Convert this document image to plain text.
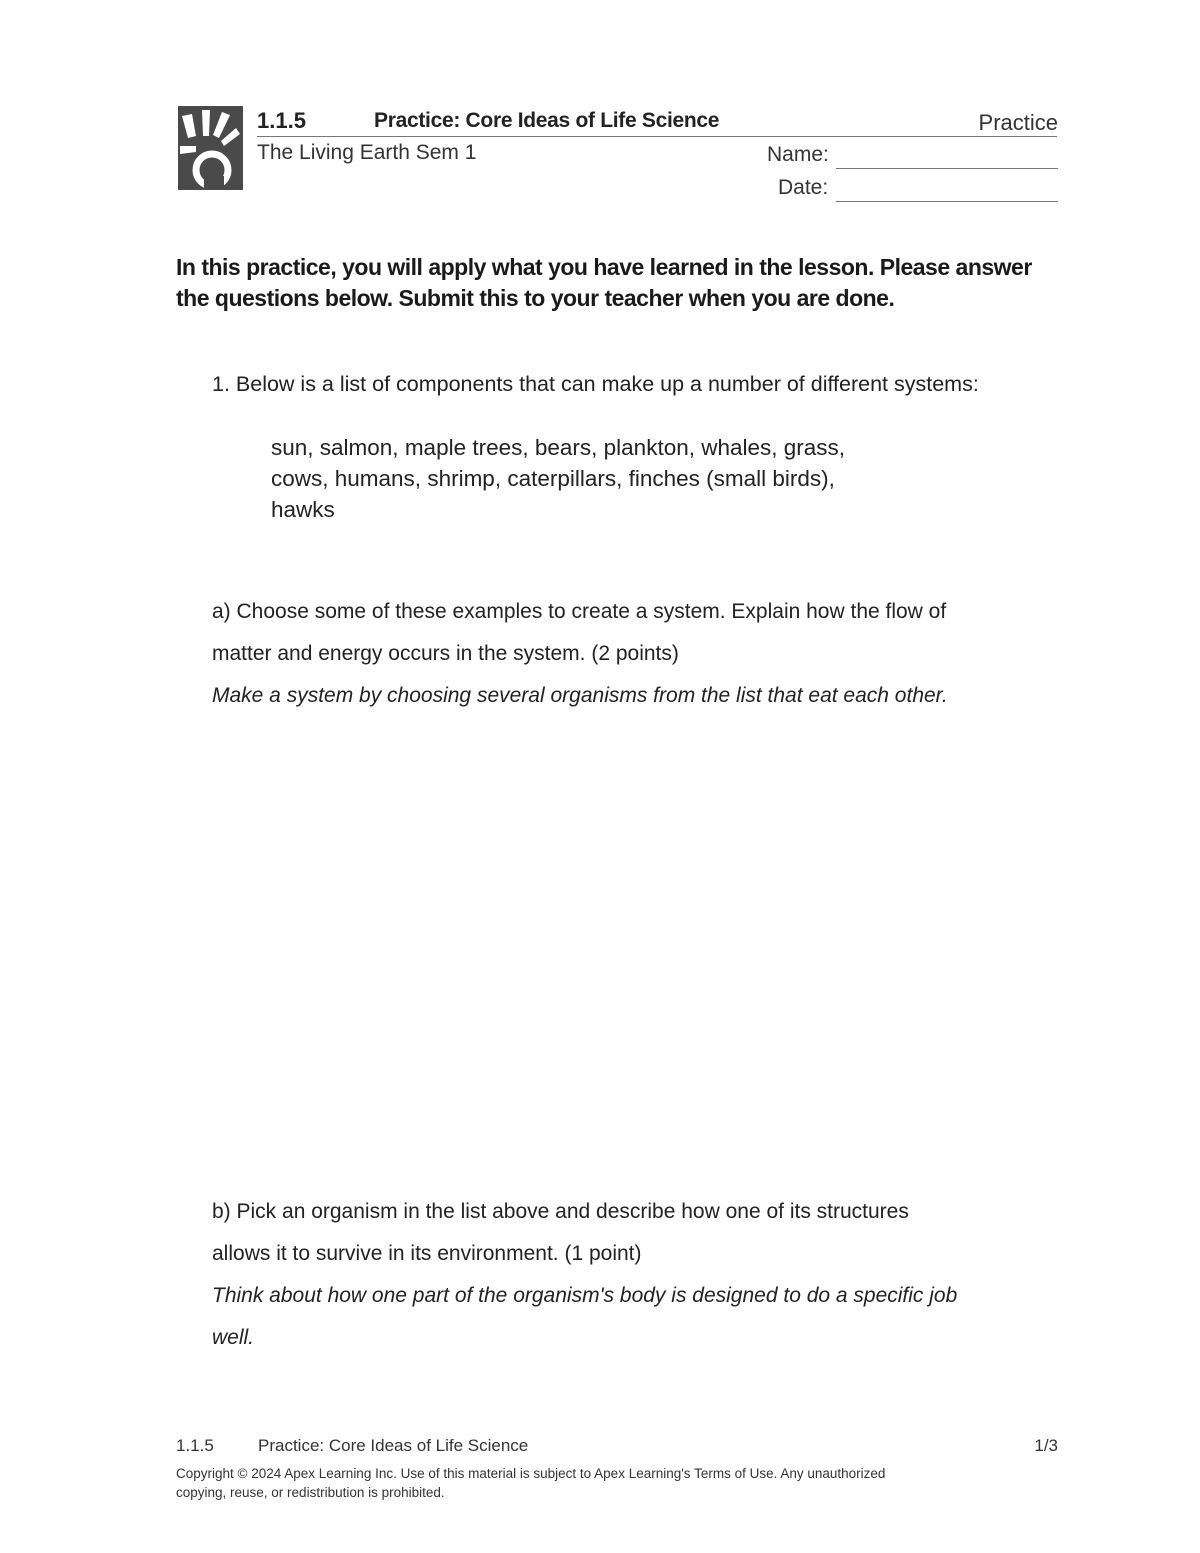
1.1.5	Practice: Core Ideas of Life Science	Practice
The Living Earth Sem 1	Name:
Date:
In this practice, you will apply what you have learned in the lesson. Please answer the questions below. Submit this to your teacher when you are done.
1. Below is a list of components that can make up a number of different systems:
sun, salmon, maple trees, bears, plankton, whales, grass,
cows, humans, shrimp, caterpillars, finches (small birds),
hawks
a) Choose some of these examples to create a system. Explain how the flow of
matter and energy occurs in the system. (2 points)
Make a system by choosing several organisms from the list that eat each other.
b) Pick an organism in the list above and describe how one of its structures
allows it to survive in its environment. (1 point)
Think about how one part of the organism's body is designed to do a specific job
well.
1.1.5	Practice: Core Ideas of Life Science	1/3
Copyright © 2024 Apex Learning Inc. Use of this material is subject to Apex Learning's Terms of Use. Any unauthorized
copying, reuse, or redistribution is prohibited.
